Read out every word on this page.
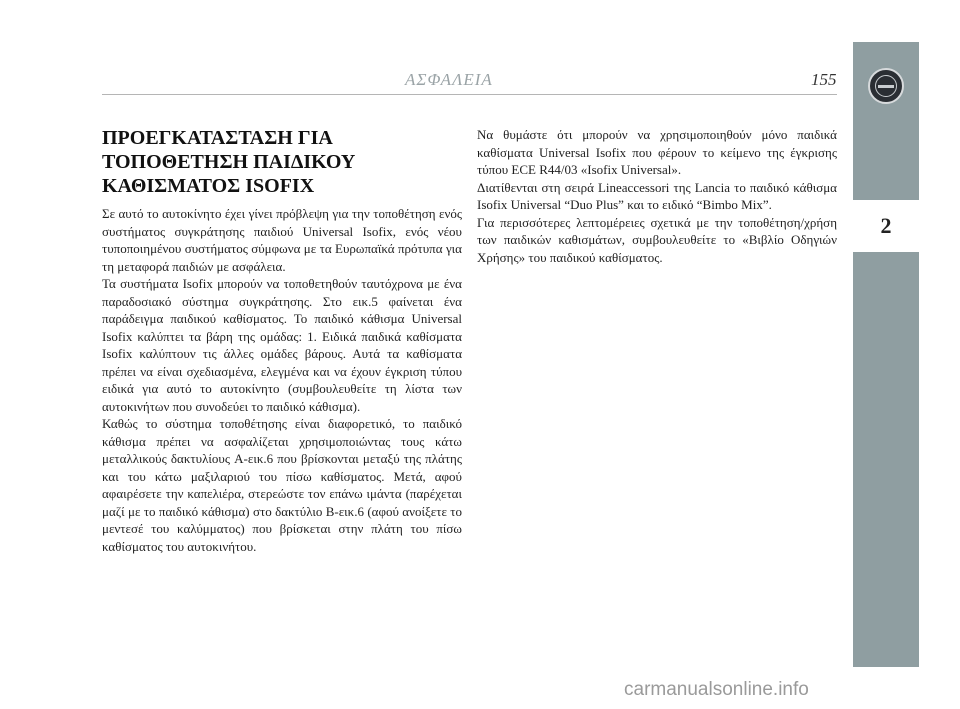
ΑΣΦΑΛΕΙΑ	155
2
ΠΡΟΕΓΚΑΤΑΣΤΑΣΗ ΓΙΑ
ΤΟΠΟΘΕΤΗΣΗ ΠΑΙΔΙΚΟΥ
ΚΑΘΙΣΜΑΤΟΣ ISOFIX

Σε αυτό το αυτοκίνητο έχει γίνει πρόβλεψη για την τοποθέτηση ενός συστήματος συγκράτησης παιδιού Universal Isofix, ενός νέου τυποποιημένου συστήματος σύμφωνα με τα Ευρωπαϊκά πρότυπα για τη μεταφορά παιδιών με ασφάλεια.

Τα συστήματα Isofix μπορούν να τοποθετηθούν ταυτόχρονα με ένα παραδοσιακό σύστημα συγκράτησης. Στο εικ.5 φαίνεται ένα παράδειγμα παιδικού καθίσματος. Το παιδικό κάθισμα Universal Isofix καλύπτει τα βάρη της ομάδας: 1. Ειδικά παιδικά καθίσματα Isofix καλύπτουν τις άλλες ομάδες βάρους. Αυτά τα καθίσματα πρέπει να είναι σχεδιασμένα, ελεγμένα και να έχουν έγκριση τύπου ειδικά για αυτό το αυτοκίνητο (συμβουλευθείτε τη λίστα των αυτοκινήτων που συνοδεύει το παιδικό κάθισμα).

Καθώς το σύστημα τοποθέτησης είναι διαφορετικό, το παιδικό κάθισμα πρέπει να ασφαλίζεται χρησιμοποιώντας τους κάτω μεταλλικούς δακτυλίους A-εικ.6 που βρίσκονται μεταξύ της πλάτης και του κάτω μαξιλαριού του πίσω καθίσματος. Μετά, αφού αφαιρέσετε την καπελιέρα, στερεώστε τον επάνω ιμάντα (παρέχεται μαζί με το παιδικό κάθισμα) στο δακτύλιο B-εικ.6 (αφού ανοίξετε το μεντεσέ του καλύμματος) που βρίσκεται στην πλάτη του πίσω καθίσματος του αυτοκινήτου.

Να θυμάστε ότι μπορούν να χρησιμοποιηθούν μόνο παιδικά καθίσματα Universal Isofix που φέρουν το κείμενο της έγκρισης τύπου ECE R44/03 «Isofix Universal».

Διατίθενται στη σειρά Lineaccessori της Lancia το παιδικό κάθισμα Isofix Universal “Duo Plus” και το ειδικό “Bimbo Mix”.

Για περισσότερες λεπτομέρειες σχετικά με την τοποθέτηση/χρήση των παιδικών καθισμάτων, συμβουλευθείτε το «Βιβλίο Οδηγιών Χρήσης» του παιδικού καθίσματος.

carmanualsonline.info
